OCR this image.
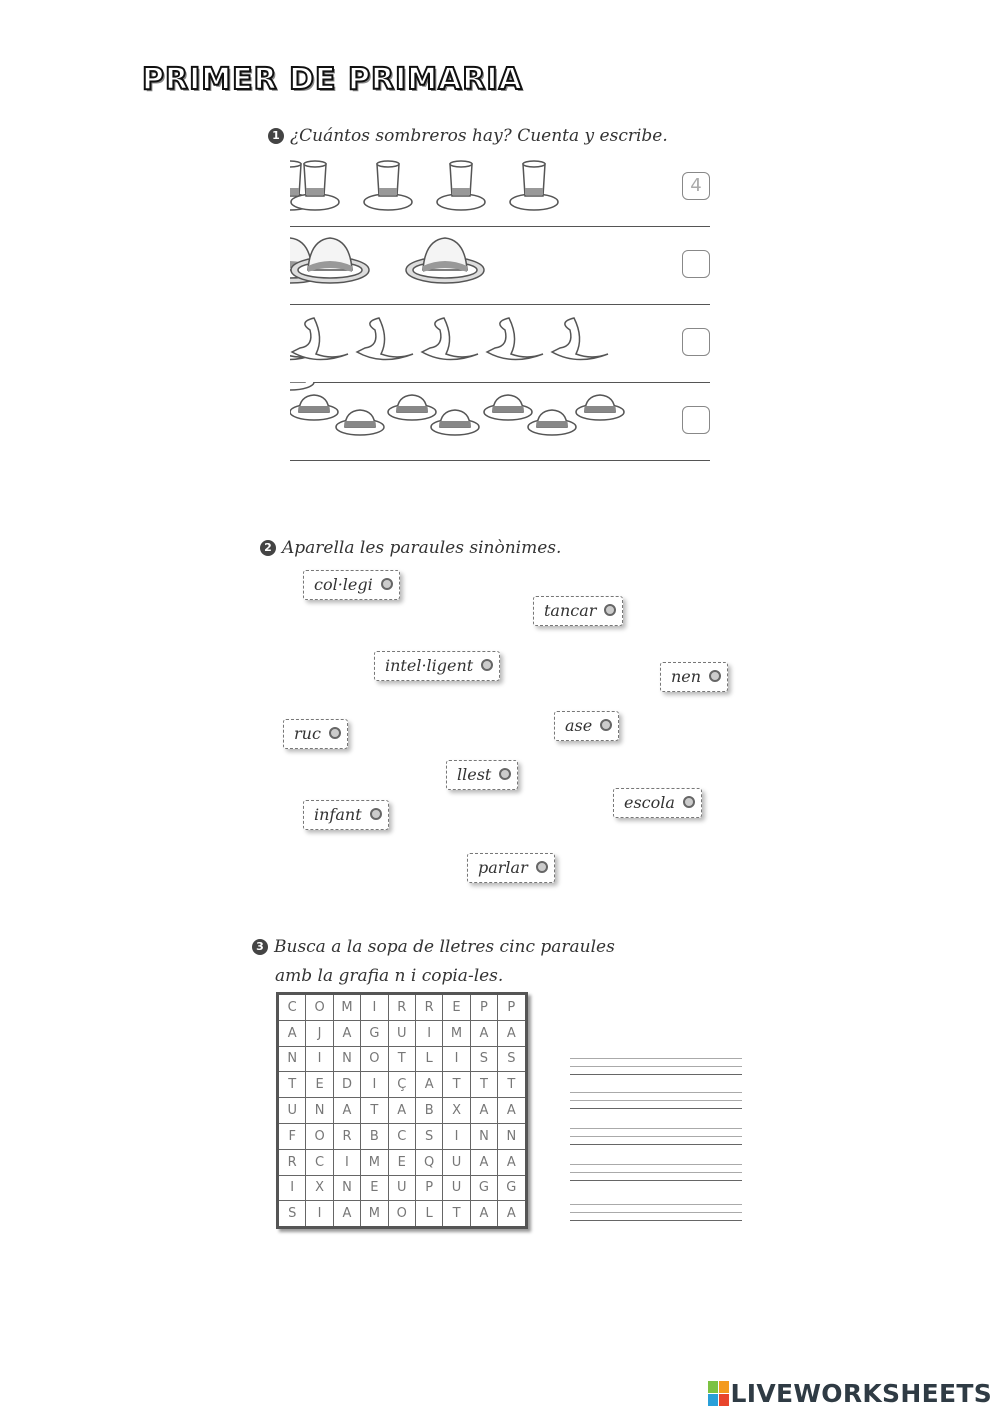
PRIMER DE PRIMARIA
1 ¿Cuántos sombreros hay? Cuenta y escribe.
4
2 Aparella les paraules sinònimes.
col·legi
tancar
intel·ligent
nen
ruc	ase
llest
escola
infant
parlar
3 Busca a la sopa de lletres cinc paraules
amb la grafia n i copia-les.
C	O	M	I	R	R	E	P	P
A	J	A	G	U	I	M	A	A
N	I	N	O	T	L	I	S	S
T	E	D	I	Ç	A	T	T	T
U	N	A	T	A	B	X	A	A
F	O	R	B	C	S	I	N	N
R	C	I	M	E	Q	U	A	A
I	X	N	E	U	P	U	G	G
S	I	A	M	O	L	T	A	A
LIVEWORKSHEETS
